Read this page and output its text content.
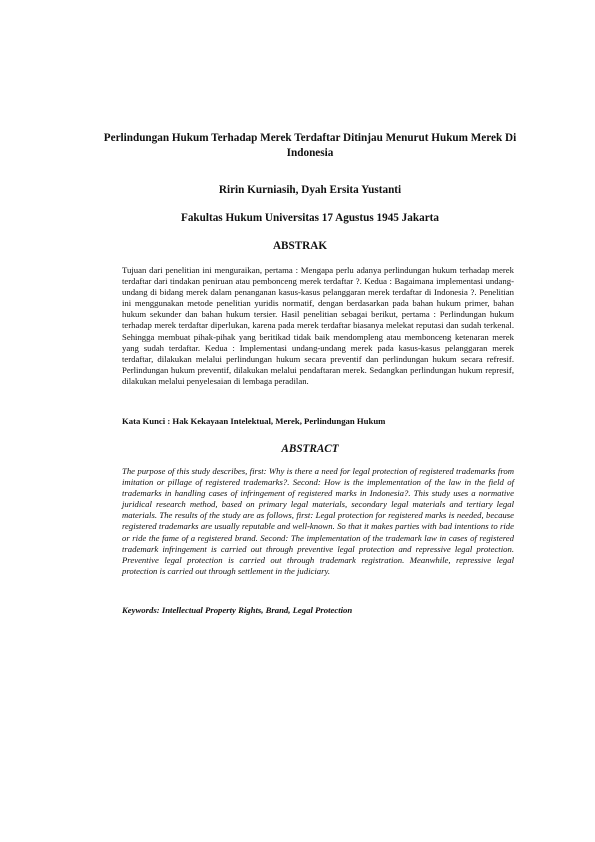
Perlindungan Hukum Terhadap Merek Terdaftar Ditinjau Menurut Hukum Merek Di Indonesia
Ririn Kurniasih, Dyah Ersita Yustanti
Fakultas Hukum Universitas 17 Agustus 1945 Jakarta
ABSTRAK

Tujuan dari penelitian ini menguraikan, pertama : Mengapa perlu adanya perlindungan hukum terhadap merek terdaftar dari tindakan peniruan atau pembonceng merek terdaftar ?. Kedua : Bagaimana implementasi undang-undang di bidang merek dalam penanganan kasus-kasus pelanggaran merek terdaftar di Indonesia ?. Penelitian ini menggunakan metode penelitian yuridis normatif, dengan berdasarkan pada bahan hukum primer, bahan hukum sekunder dan bahan hukum tersier. Hasil penelitian sebagai berikut, pertama : Perlindungan hukum terhadap merek terdaftar diperlukan, karena pada merek terdaftar biasanya melekat reputasi dan sudah terkenal. Sehingga membuat pihak-pihak yang beritikad tidak baik mendompleng atau membonceng ketenaran merek yang sudah terdaftar. Kedua : Implementasi undang-undang merek pada kasus-kasus pelanggaran merek terdaftar, dilakukan melalui perlindungan hukum secara preventif dan perlindungan hukum secara refresif. Perlindungan hukum preventif, dilakukan melalui pendaftaran merek. Sedangkan perlindungan hukum represif, dilakukan melalui penyelesaian di lembaga peradilan.

Kata Kunci : Hak Kekayaan Intelektual, Merek, Perlindungan Hukum
ABSTRACT

The purpose of this study describes, first: Why is there a need for legal protection of registered trademarks from imitation or pillage of registered trademarks?. Second: How is the implementation of the law in the field of trademarks in handling cases of infringement of registered marks in Indonesia?. This study uses a normative juridical research method, based on primary legal materials, secondary legal materials and tertiary legal materials. The results of the study are as follows, first: Legal protection for registered marks is needed, because registered trademarks are usually reputable and well-known. So that it makes parties with bad intentions to ride or ride the fame of a registered brand. Second: The implementation of the trademark law in cases of registered trademark infringement is carried out through preventive legal protection and repressive legal protection. Preventive legal protection is carried out through trademark registration. Meanwhile, repressive legal protection is carried out through settlement in the judiciary.

Keywords: Intellectual Property Rights, Brand, Legal Protection
